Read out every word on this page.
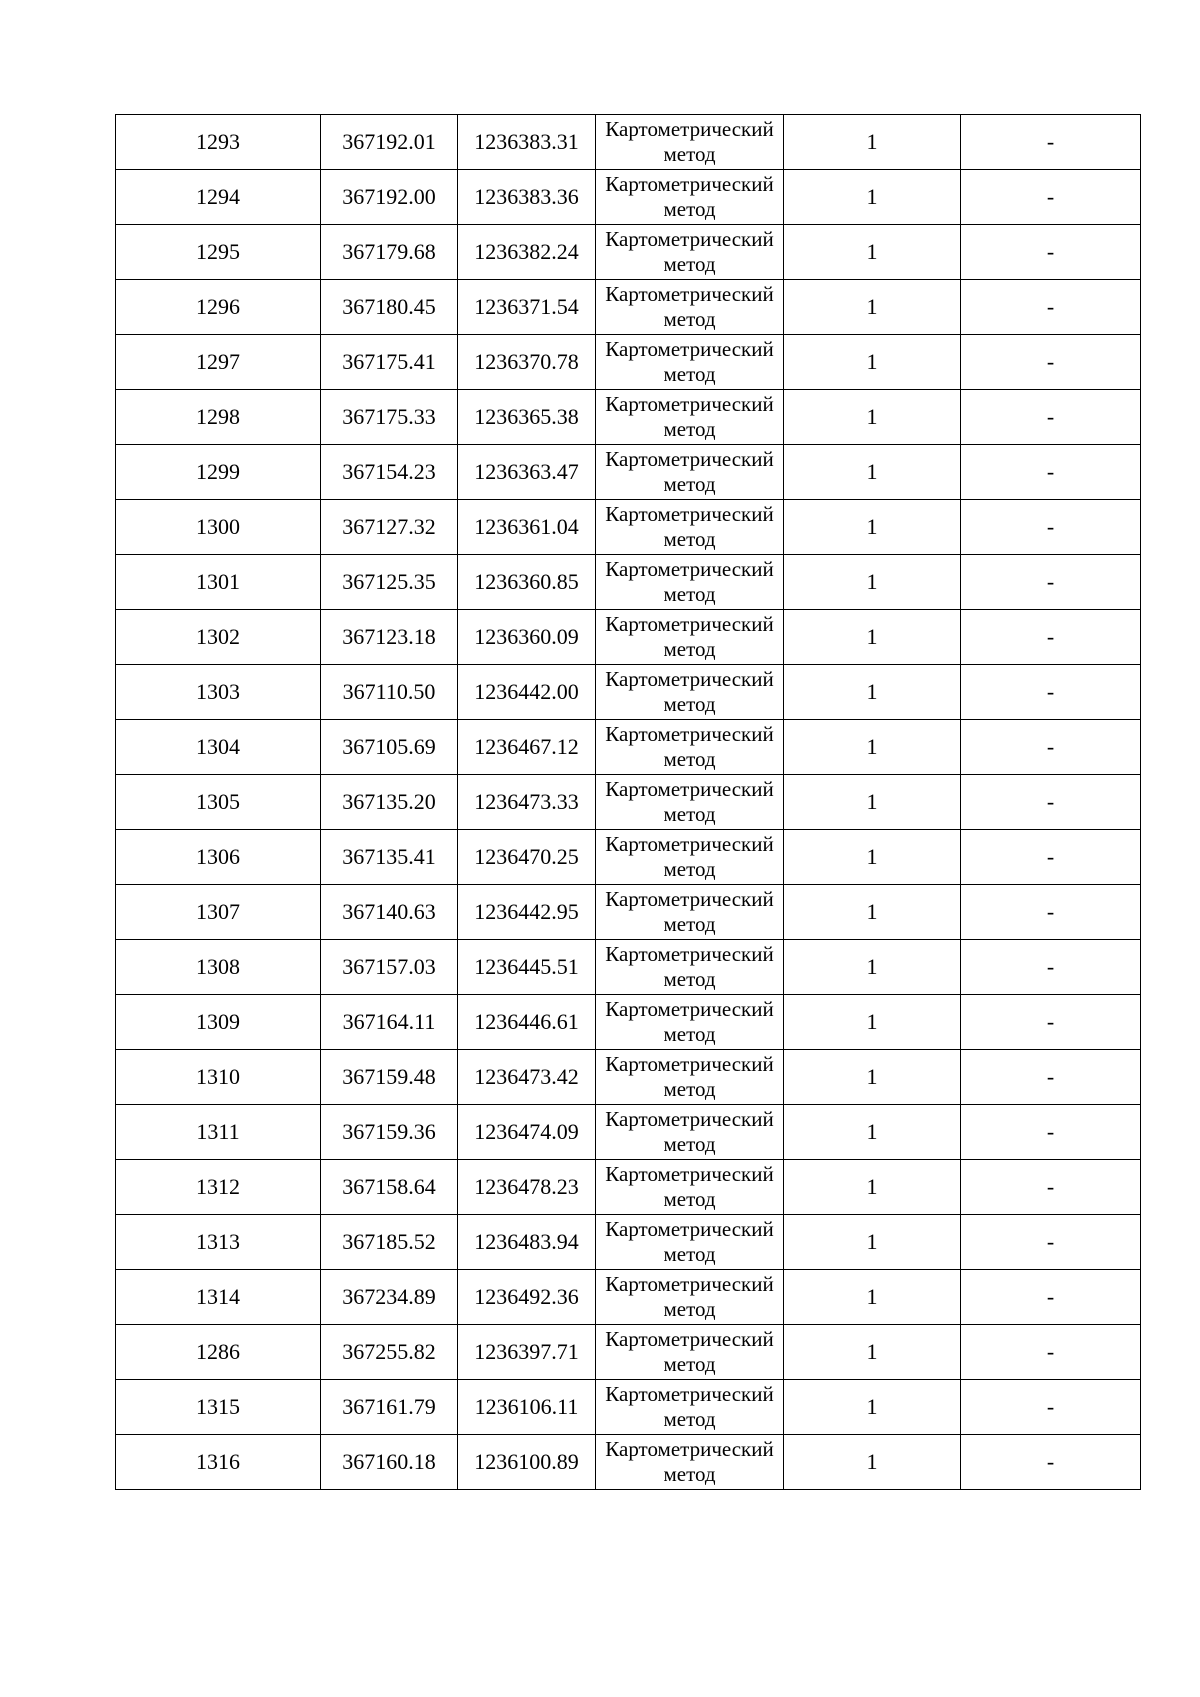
1293	367192.01	1236383.31	Картометрический метод	1	-
1294	367192.00	1236383.36	Картометрический метод	1	-
1295	367179.68	1236382.24	Картометрический метод	1	-
1296	367180.45	1236371.54	Картометрический метод	1	-
1297	367175.41	1236370.78	Картометрический метод	1	-
1298	367175.33	1236365.38	Картометрический метод	1	-
1299	367154.23	1236363.47	Картометрический метод	1	-
1300	367127.32	1236361.04	Картометрический метод	1	-
1301	367125.35	1236360.85	Картометрический метод	1	-
1302	367123.18	1236360.09	Картометрический метод	1	-
1303	367110.50	1236442.00	Картометрический метод	1	-
1304	367105.69	1236467.12	Картометрический метод	1	-
1305	367135.20	1236473.33	Картометрический метод	1	-
1306	367135.41	1236470.25	Картометрический метод	1	-
1307	367140.63	1236442.95	Картометрический метод	1	-
1308	367157.03	1236445.51	Картометрический метод	1	-
1309	367164.11	1236446.61	Картометрический метод	1	-
1310	367159.48	1236473.42	Картометрический метод	1	-
1311	367159.36	1236474.09	Картометрический метод	1	-
1312	367158.64	1236478.23	Картометрический метод	1	-
1313	367185.52	1236483.94	Картометрический метод	1	-
1314	367234.89	1236492.36	Картометрический метод	1	-
1286	367255.82	1236397.71	Картометрический метод	1	-
1315	367161.79	1236106.11	Картометрический метод	1	-
1316	367160.18	1236100.89	Картометрический метод	1	-
